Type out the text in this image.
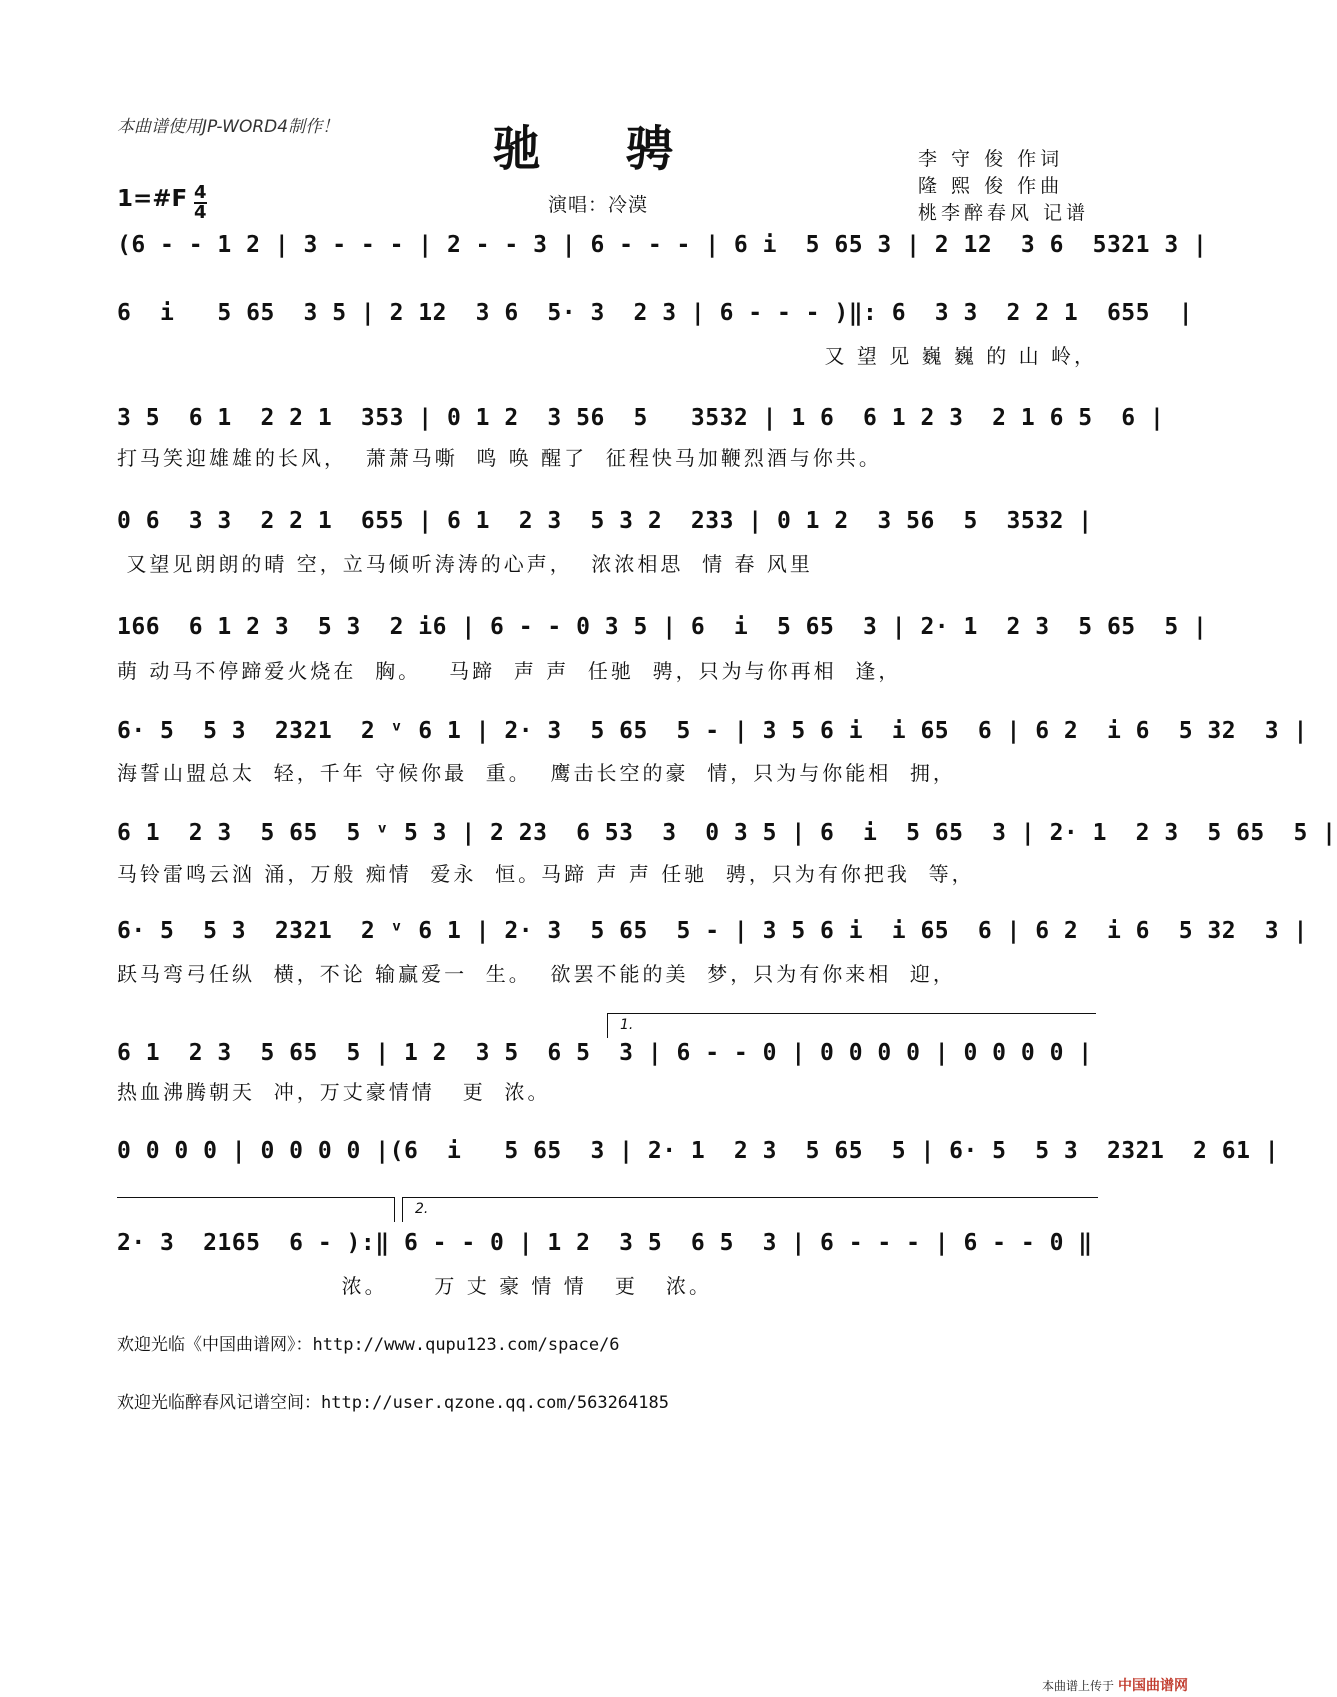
本曲谱使用JP-WORD4制作！	驰 骋	李 守 俊 作词
隆 熙 俊 作曲
桃李醉春风 记谱
1=#F $\frac{4}{4}$	演唱：冷漠
(6 - - 1 2 | 3 - - - | 2 - - 3 | 6 - - - | 6 i  5 65 3 | 2 12  3 6  5321 3 |
6  i   5 65  3 5 | 2 12  3 6  5· 3  2 3 | 6 - - - )‖: 6  3 3  2 2 1  655  |
又 望 见 巍 巍 的 山 岭，
3 5  6 1  2 2 1  353 | 0 1 2  3 56  5   3532 | 1 6  6 1 2 3  2 1 6 5  6 |
打马笑迎雄雄的长风，  萧萧马嘶  鸣 唤 醒了  征程快马加鞭烈酒与你共。
0 6  3 3  2 2 1  655 | 6 1  2 3  5 3 2  233 | 0 1 2  3 56  5  3532 |
又望见朗朗的晴 空，立马倾听涛涛的心声，  浓浓相思  情 春 风里
166  6 1 2 3  5 3  2 i6 | 6 - - 0 3 5 | 6  i  5 65  3 | 2· 1  2 3  5 65  5 |
萌 动马不停蹄爱火烧在  胸。   马蹄  声 声  任驰  骋，只为与你再相  逢，
6· 5  5 3  2321  2 ᵛ 6 1 | 2· 3  5 65  5 - | 3 5 6 i  i 65  6 | 6 2  i 6  5 32  3 |
海誓山盟总太  轻，千年 守候你最  重。  鹰击长空的豪  情，只为与你能相  拥，
6 1  2 3  5 65  5 ᵛ 5 3 | 2 23  6 53  3  0 3 5 | 6  i  5 65  3 | 2· 1  2 3  5 65  5 |
马铃雷鸣云汹 涌，万般 痴情  爱永  恒。马蹄 声 声 任驰  骋，只为有你把我  等，
6· 5  5 3  2321  2 ᵛ 6 1 | 2· 3  5 65  5 - | 3 5 6 i  i 65  6 | 6 2  i 6  5 32  3 |
跃马弯弓任纵  横，不论 输赢爱一  生。  欲罢不能的美  梦，只为有你来相  迎，
1.
6 1  2 3  5 65  5 | 1 2  3 5  6 5  3 | 6 - - 0 | 0 0 0 0 | 0 0 0 0 |
热血沸腾朝天  冲，万丈豪情情   更  浓。
0 0 0 0 | 0 0 0 0 |(6  i   5 65  3 | 2· 1  2 3  5 65  5 | 6· 5  5 3  2321  2 61 |
2.
2· 3  2165  6 - ):‖ 6 - - 0 | 1 2  3 5  6 5  3 | 6 - - - | 6 - - 0 ‖
浓。     万 丈 豪 情 情   更   浓。
欢迎光临《中国曲谱网》：http://www.qupu123.com/space/6
欢迎光临醉春风记谱空间：http://user.qzone.qq.com/563264185
本曲谱上传于 中国曲谱网
